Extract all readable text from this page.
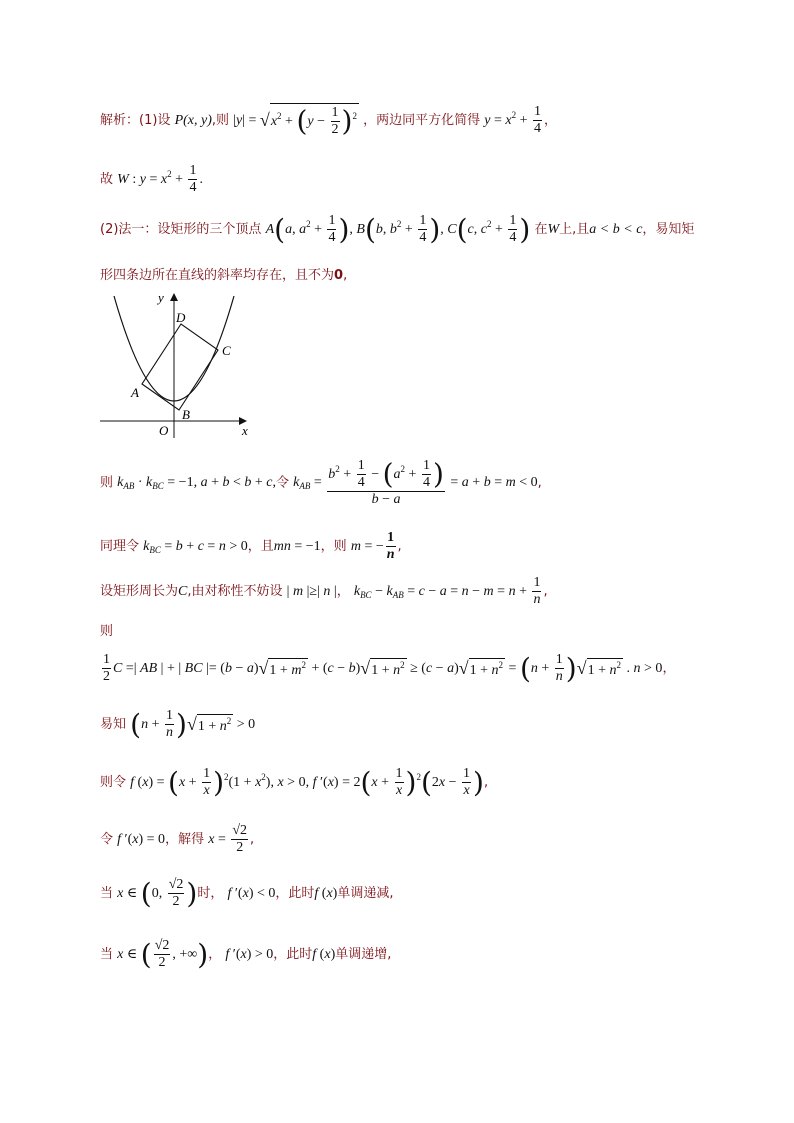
解析：(1)设 P(x, y),则 $|y| = √x^2 + (y - \frac{1}{2} )^2$ ，两边同平方化简得 $y = x^2 + \frac{1}{4}$ ，
故 W : $y = x^2 + \frac{1}{4}$ .
(2)法一：设矩形的三个顶点 A(a, $a^2 + \frac{1}{4}$ ), B(b, $b^2 + \frac{1}{4}$ ), C(c, $c^2 + \frac{1}{4}$ ) 在W上,且a < b < c，易知矩
形四条边所在直线的斜率均存在，且不为0,
y
D
C
A
B
O	x
则 $k_{AB} \cdot k_{BC} = -1$, a + b < b + c,令 $k_{AB} = \frac{b^2 + \frac{1}{4} - (a^2 + \frac{1}{4} )}{b - a} = a + b = m < 0$,
同理令 $k_{BC} = b + c = n > 0$，且mn = −1，则 m = − $\frac{1}{n}$ ,
设矩形周长为C,由对称性不妨设 | m |≥| n |， $k_{BC} - k_{AB} = c - a = n - m = n + \frac{1}{n}$ ,
则
$\frac{1}{2}$ C =| AB | + | BC |= $(b - a)√1 + m^2 + (c - b)√1 + n^2 \ge (c - a)√1 + n^2 = (n + \frac{1}{n} )√1 + n^2$ . n > 0，
易知 $(n + \frac{1}{n} )√1 + n^2 > 0$
则令 f $(x) = (x + \frac{1}{x} )^2(1 + x^2)$, x > 0, f $'(x) = 2(x + \frac{1}{x} )^2(2x - \frac{1}{x}$ ),
令 f ′(x) = 0，解得 $x = \frac{√2}{2}$ ,
当 x ∈ (0, $\frac{√2}{2}$ )时， f ′(x) < 0，此时f (x)单调递减,
当 x ∈ ( $\frac{√2}{2}$ , +∞)， f ′(x) > 0，此时f (x)单调递增,
